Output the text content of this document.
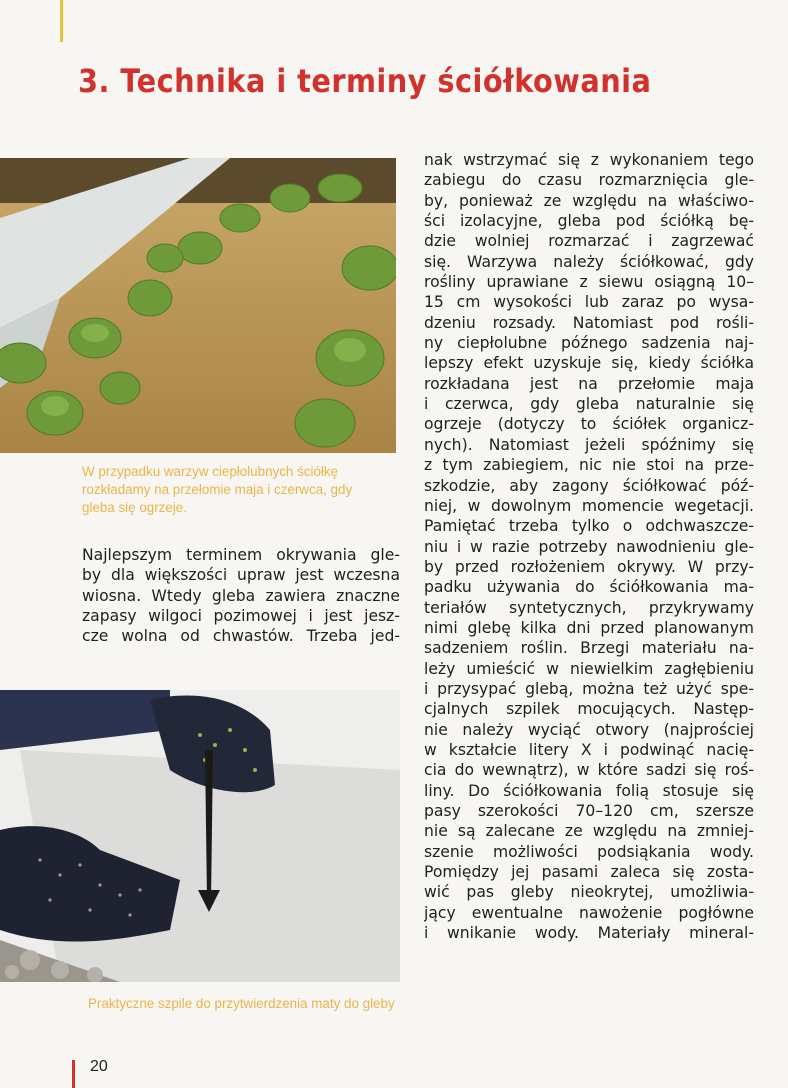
3. Technika i terminy ściółkowania
W przypadku warzyw ciepłolubnych ściółkę rozkładamy na przełomie maja i czerwca, gdy gleba się ogrzeje.
Najlepszym terminem okrywania gle-
by dla większości upraw jest wczesna
wiosna. Wtedy gleba zawiera znaczne
zapasy wilgoci pozimowej i jest jesz-
cze wolna od chwastów. Trzeba jed-
Praktyczne szpile do przytwierdzenia maty do gleby
nak wstrzymać się z wykonaniem tego
zabiegu do czasu rozmarznięcia gle-
by, ponieważ ze względu na właściwo-
ści izolacyjne, gleba pod ściółką bę-
dzie wolniej rozmarzać i zagrzewać
się. Warzywa należy ściółkować, gdy
rośliny uprawiane z siewu osiągną 10–
15 cm wysokości lub zaraz po wysa-
dzeniu rozsady. Natomiast pod rośli-
ny ciepłolubne późnego sadzenia naj-
lepszy efekt uzyskuje się, kiedy ściółka
rozkładana jest na przełomie maja
i czerwca, gdy gleba naturalnie się
ogrzeje (dotyczy to ściółek organicz-
nych). Natomiast jeżeli spóźnimy się
z tym zabiegiem, nic nie stoi na prze-
szkodzie, aby zagony ściółkować póź-
niej, w dowolnym momencie wegetacji.
Pamiętać trzeba tylko o odchwaszcze-
niu i w razie potrzeby nawodnieniu gle-
by przed rozłożeniem okrywy. W przy-
padku używania do ściółkowania ma-
teriałów syntetycznych, przykrywamy
nimi glebę kilka dni przed planowanym
sadzeniem roślin. Brzegi materiału na-
leży umieścić w niewielkim zagłębieniu
i przysypać glebą, można też użyć spe-
cjalnych szpilek mocujących. Następ-
nie należy wyciąć otwory (najprościej
w kształcie litery X i podwinąć nacię-
cia do wewnątrz), w które sadzi się roś-
liny. Do ściółkowania folią stosuje się
pasy szerokości 70–120 cm, szersze
nie są zalecane ze względu na zmniej-
szenie możliwości podsiąkania wody.
Pomiędzy jej pasami zaleca się zosta-
wić pas gleby nieokrytej, umożliwia-
jący ewentualne nawożenie pogłówne
i wnikanie wody. Materiały mineral-
20
